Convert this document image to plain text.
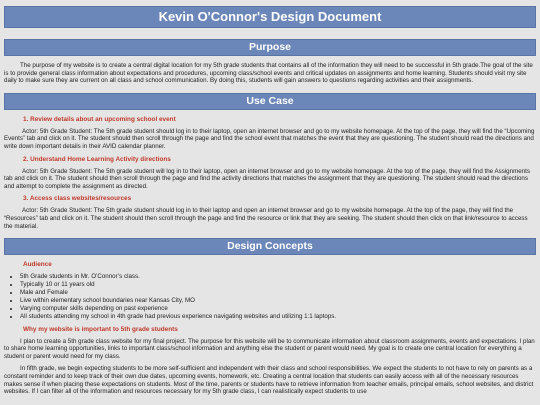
Kevin O'Connor's Design Document
Purpose

The purpose of my website is to create a central digital location for my 5th grade students that contains all of the information they will need to be successful in 5th grade.The goal of the site is to provide general class information about expectations and procedures, upcoming class/school events and critical updates on assignments and home learning. Students should visit my site daily to make sure they are current on all class and school communication. By doing this, students will gain answers to questions regarding activities and their assignments.

Use Case
1. Review details about an upcoming school event

Actor: 5th Grade Student: The 5th grade student should log in to their laptop, open an internet browser and go to my website homepage. At the top of the page, they will find the “Upcoming Events” tab and click on it. The student should then scroll through the page and find the school event that matches the event that they are questioning. The student should read the directions and write down important details in their AVID calendar planner.

2. Understand Home Learning Activity directions

Actor: 5th Grade Student: The 5th grade student will log in to their laptop, open an internet browser and go to my website homepage. At the top of the page, they will find the Assignments tab and click on it. The student should then scroll through the page and find the activity directions that matches the assignment that they are questioning. The student should read the directions and attempt to complete the assignment as directed.

3. Access class websites/resources

Actor: 5th Grade Student: The 5th grade student should log in to their laptop and open an internet browser and go to my website homepage. At the top of the page, they will find the “Resources” tab and click on it. The student should then scroll through the page and find the resource or link that they are seeking. The student should then click on that link/resource to access the material.

Design Concepts
Audience
• 5th Grade students in Mr. O’Connor’s class.
• Typically 10 or 11 years old
• Male and Female
• Live within elementary school boundaries near Kansas City, MO
• Varying computer skills depending on past experience
• All students attending my school in 4th grade had previous experience navigating websites and utilizing 1:1 laptops.
Why my website is important to 5th grade students

I plan to create a 5th grade class website for my final project. The purpose for this website will be to communicate information about classroom assignments, events and expectations. I plan to share home learning opportunities, links to important class/school information and anything else the student or parent would need. My goal is to create one central location for everything a student or parent would need for my class.

In fifth grade, we begin expecting students to be more self-sufficient and independent with their class and school responsibilities. We expect the students to not have to rely on parents as a constant reminder and to keep track of their own due dates, upcoming events, homework, etc. Creating a central location that students can easily access with all of the necessary resources makes sense if when placing these expectations on students. Most of the time, parents or students have to retrieve information from teacher emails, principal emails, school websites, and district websites. If I can filter all of the information and resources necessary for my 5th grade class, I can realistically expect students to use
